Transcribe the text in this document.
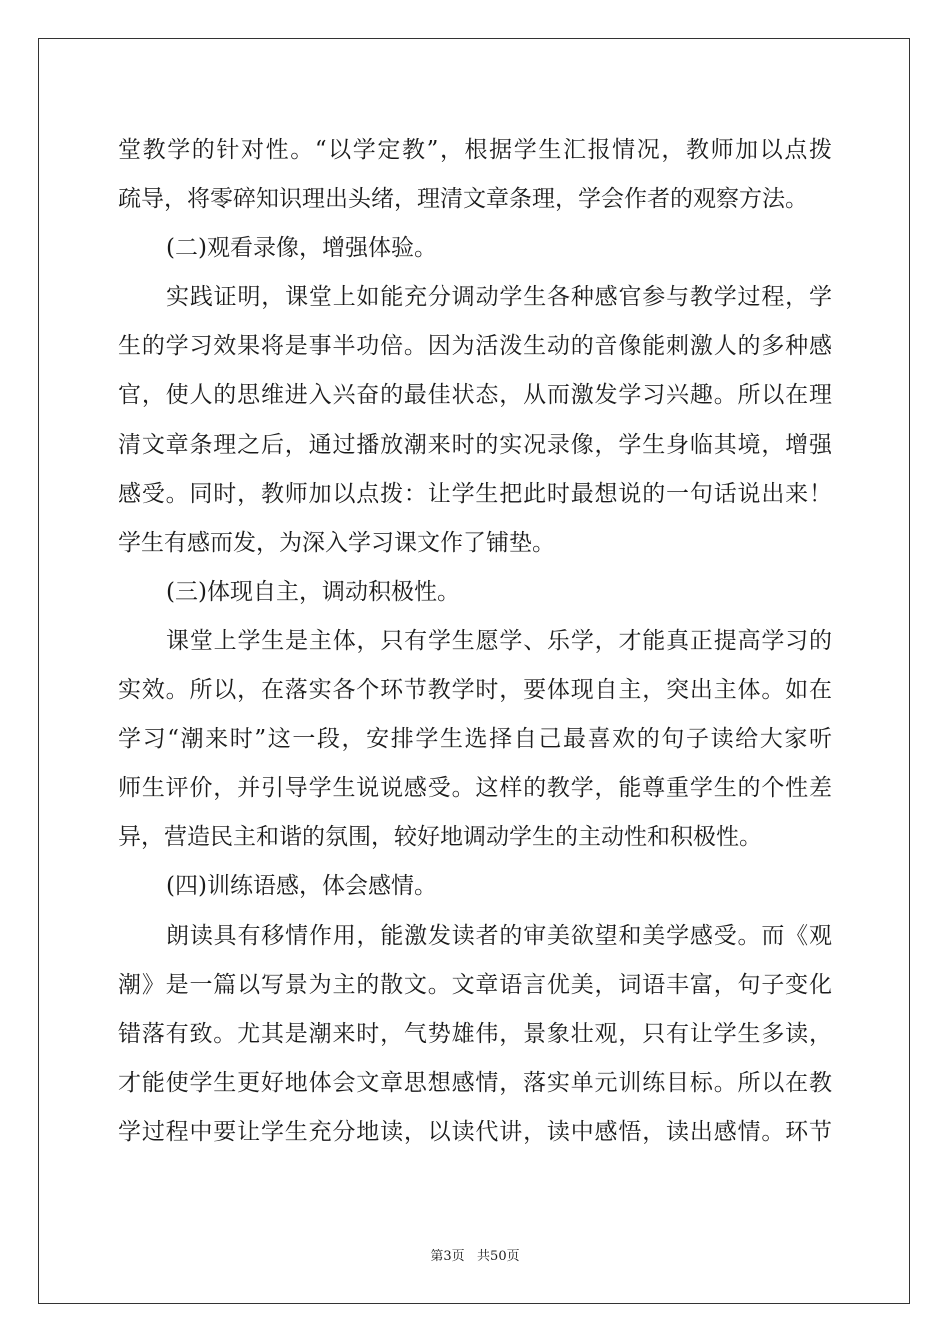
堂教学的针对性。“以学定教”，根据学生汇报情况，教师加以点拨
疏导，将零碎知识理出头绪，理清文章条理，学会作者的观察方法。
(二)观看录像，增强体验。
实践证明，课堂上如能充分调动学生各种感官参与教学过程，学
生的学习效果将是事半功倍。因为活泼生动的音像能刺激人的多种感
官，使人的思维进入兴奋的最佳状态，从而激发学习兴趣。所以在理
清文章条理之后，通过播放潮来时的实况录像，学生身临其境，增强
感受。同时，教师加以点拨：让学生把此时最想说的一句话说出来！
学生有感而发，为深入学习课文作了铺垫。
(三)体现自主，调动积极性。
课堂上学生是主体，只有学生愿学、乐学，才能真正提高学习的
实效。所以，在落实各个环节教学时，要体现自主，突出主体。如在
学习“潮来时”这一段，安排学生选择自己最喜欢的句子读给大家听
师生评价，并引导学生说说感受。这样的教学，能尊重学生的个性差
异，营造民主和谐的氛围，较好地调动学生的主动性和积极性。
(四)训练语感，体会感情。
朗读具有移情作用，能激发读者的审美欲望和美学感受。而《观
潮》是一篇以写景为主的散文。文章语言优美，词语丰富，句子变化
错落有致。尤其是潮来时，气势雄伟，景象壮观，只有让学生多读，
才能使学生更好地体会文章思想感情，落实单元训练目标。所以在教
学过程中要让学生充分地读，以读代讲，读中感悟，读出感情。环节
第3页   共50页
